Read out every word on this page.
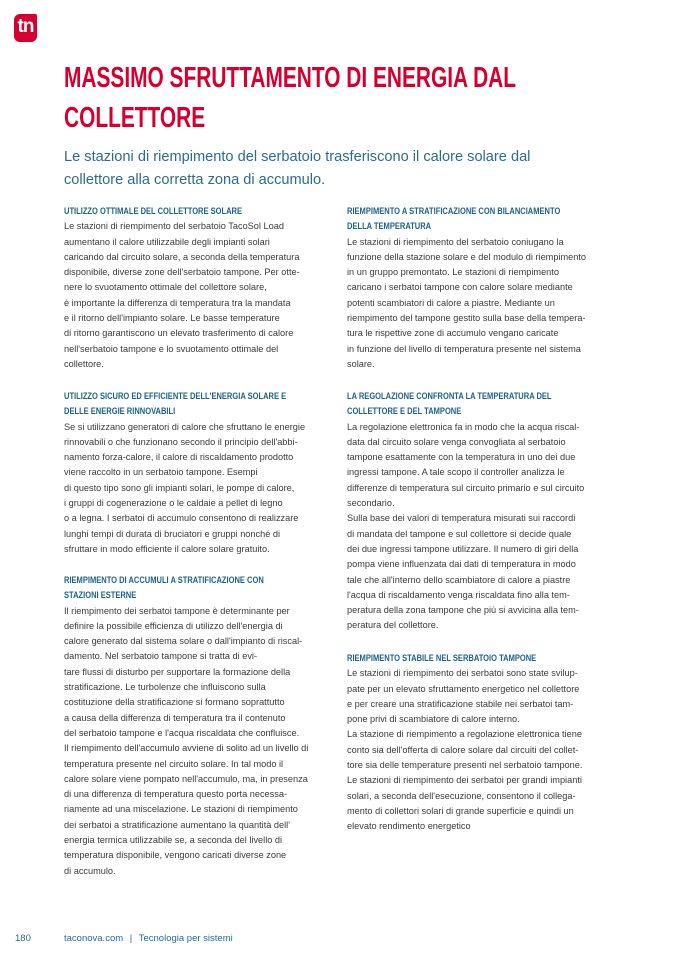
tn
MASSIMO SFRUTTAMENTO DI ENERGIA DAL
COLLETTORE
Le stazioni di riempimento del serbatoio trasferiscono il calore solare dal
collettore alla corretta zona di accumulo.
UTILIZZO OTTIMALE DEL COLLETTORE SOLARE
Le stazioni di riempimento del serbatoio TacoSol Load
aumentano il calore utilizzabile degli impianti solari
caricando dal circuito solare, a seconda della temperatura
disponibile, diverse zone dell'serbatoio tampone. Per otte-
nere lo svuotamento ottimale del collettore solare,
è importante la differenza di temperatura tra la mandata
e il ritorno dell'impianto solare. Le basse temperature
di ritorno garantiscono un elevato trasferimento di calore
nell'serbatoio tampone e lo svuotamento ottimale del
collettore.
UTILIZZO SICURO ED EFFICIENTE DELL'ENERGIA SOLARE E
DELLE ENERGIE RINNOVABILI
Se si utilizzano generatori di calore che sfruttano le energie
rinnovabili o che funzionano secondo il principio dell'abbi-
namento forza-calore, il calore di riscaldamento prodotto
viene raccolto in un serbatoio tampone. Esempi
di questo tipo sono gli impianti solari, le pompe di calore,
i gruppi di cogenerazione o le caldaie a pellet di legno
o a legna. I serbatoi di accumulo consentono di realizzare
lunghi tempi di durata di bruciatori e gruppi nonché di
sfruttare in modo efficiente il calore solare gratuito.
RIEMPIMENTO DI ACCUMULI A STRATIFICAZIONE CON
STAZIONI ESTERNE
Il riempimento dei serbatoi tampone è determinante per
definire la possibile efficienza di utilizzo dell'energia di
calore generato dal sistema solare o dall'impianto di riscal-
damento. Nel serbatoio tampone si tratta di evi-
tare flussi di disturbo per supportare la formazione della
stratificazione. Le turbolenze che influiscono sulla
costituzione della stratificazione si formano soprattutto
a causa della differenza di temperatura tra il contenuto
del serbatoio tampone e l'acqua riscaldata che confluisce.
Il riempimento dell'accumulo avviene di solito ad un livello di
temperatura presente nel circuito solare. In tal modo il
calore solare viene pompato nell'accumulo, ma, in presenza
di una differenza di temperatura questo porta necessa-
riamente ad una miscelazione. Le stazioni di riempimento
dei serbatoi a stratificazione aumentano la quantità dell'
energia termica utilizzabile se, a seconda del livello di
temperatura disponibile, vengono caricati diverse zone
di accumulo.
RIEMPIMENTO A STRATIFICAZIONE CON BILANCIAMENTO
DELLA TEMPERATURA
Le stazioni di riempimento del serbatoio coniugano la
funzione della stazione solare e del modulo di riempimento
in un gruppo premontato. Le stazioni di riempimento
caricano i serbatoi tampone con calore solare mediante
potenti scambiatori di calore a piastre. Mediante un
riempimento del tampone gestito sulla base della tempera-
tura le rispettive zone di accumulo vengano caricate
in funzione del livello di temperatura presente nel sistema
solare.
LA REGOLAZIONE CONFRONTA LA TEMPERATURA DEL
COLLETTORE E DEL TAMPONE
La regolazione elettronica fa in modo che la acqua riscal-
data dal circuito solare venga convogliata al serbatoio
tampone esattamente con la temperatura in uno dei due
ingressi tampone. A tale scopo il controller analizza le
differenze di temperatura sul circuito primario e sul circuito
secondario.
Sulla base dei valori di temperatura misurati sui raccordi
di mandata del tampone e sul collettore si decide quale
dei due ingressi tampone utilizzare. Il numero di giri della
pompa viene influenzata dai dati di temperatura in modo
tale che all'interno dello scambiatore di calore a piastre
l'acqua di riscaldamento venga riscaldata fino alla tem-
peratura della zona tampone che più si avvicina alla tem-
peratura del collettore.
RIEMPIMENTO STABILE NEL SERBATOIO TAMPONE
Le stazioni di riempimento dei serbatoi sono state svilup-
pate per un elevato sfruttamento energetico nel collettore
e per creare una stratificazione stabile nei serbatoi tam-
pone privi di scambiatore di calore interno.
La stazione di riempimento a regolazione elettronica tiene
conto sia dell'offerta di calore solare dal circuiti del collet-
tore sia delle temperature presenti nel serbatoio tampone.
Le stazioni di riempimento dei serbatoi per grandi impianti
solari, a seconda dell'esecuzione, consentono il collega-
mento di collettori solari di grande superficie e quindi un
elevato rendimento energetico
180	taconova.com | Tecnologia per sistemi
